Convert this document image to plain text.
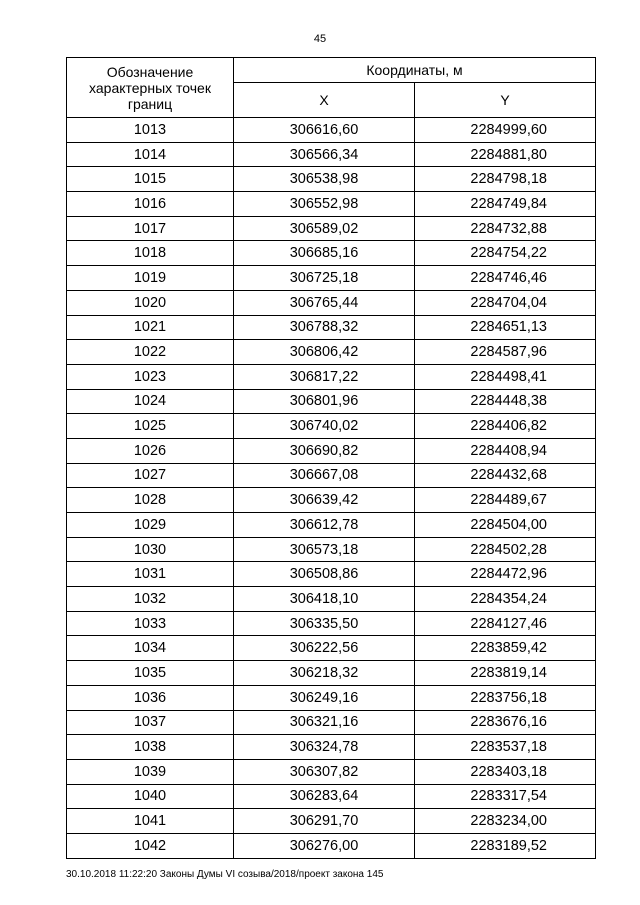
45
Обозначение характерных точек границ	Координаты, м	
	X	Y
1013	306616,60	2284999,60
1014	306566,34	2284881,80
1015	306538,98	2284798,18
1016	306552,98	2284749,84
1017	306589,02	2284732,88
1018	306685,16	2284754,22
1019	306725,18	2284746,46
1020	306765,44	2284704,04
1021	306788,32	2284651,13
1022	306806,42	2284587,96
1023	306817,22	2284498,41
1024	306801,96	2284448,38
1025	306740,02	2284406,82
1026	306690,82	2284408,94
1027	306667,08	2284432,68
1028	306639,42	2284489,67
1029	306612,78	2284504,00
1030	306573,18	2284502,28
1031	306508,86	2284472,96
1032	306418,10	2284354,24
1033	306335,50	2284127,46
1034	306222,56	2283859,42
1035	306218,32	2283819,14
1036	306249,16	2283756,18
1037	306321,16	2283676,16
1038	306324,78	2283537,18
1039	306307,82	2283403,18
1040	306283,64	2283317,54
1041	306291,70	2283234,00
1042	306276,00	2283189,52
30.10.2018 11:22:20 Законы Думы VI созыва/2018/проект закона 145
